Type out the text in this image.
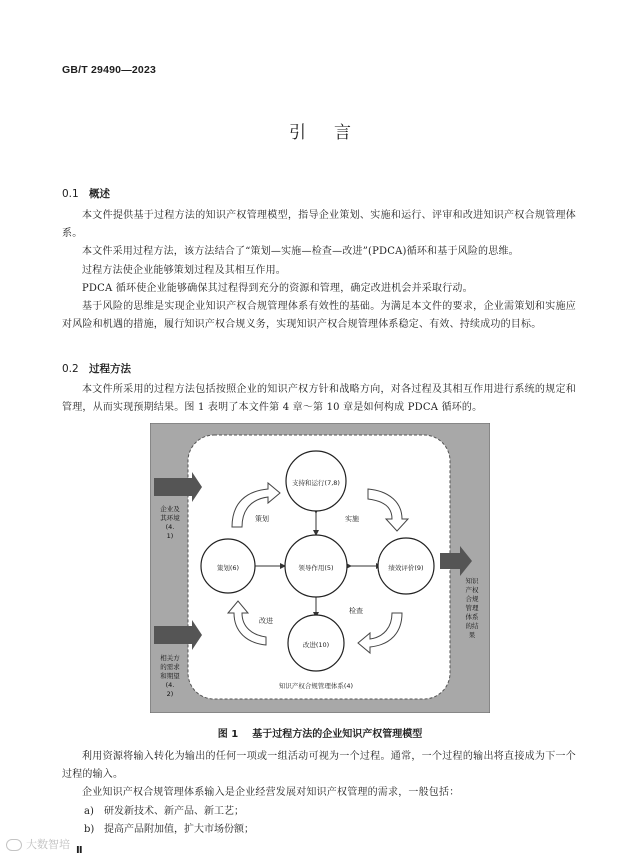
GB/T 29490—2023
引言
0.1 概述
本文件提供基于过程方法的知识产权管理模型，指导企业策划、实施和运行、评审和改进知识产权合规管理体系。
本文件采用过程方法，该方法结合了“策划—实施—检查—改进”(PDCA)循环和基于风险的思维。
过程方法使企业能够策划过程及其相互作用。
PDCA 循环使企业能够确保其过程得到充分的资源和管理，确定改进机会并采取行动。
基于风险的思维是实现企业知识产权合规管理体系有效性的基础。为满足本文件的要求，企业需策划和实施应对风险和机遇的措施，履行知识产权合规义务，实现知识产权合规管理体系稳定、有效、持续成功的目标。
0.2 过程方法
本文件所采用的过程方法包括按照企业的知识产权方针和战略方向，对各过程及其相互作用进行系统的规定和管理，从而实现预期结果。图 1 表明了本文件第 4 章～第 10 章是如何构成 PDCA 循环的。
支持和运行(7,8)
策划(6)	领导作用(5)	绩效评价(9)
改进(10)
策划	实施
检查
改进
知识产权合规管理体系(4)
企业及其环境(4. 1)
相关方的需求和期望(4. 2)
知识产权合规管理体系的结果
图 1 基于过程方法的企业知识产权管理模型
利用资源将输入转化为输出的任何一项或一组活动可视为一个过程。通常，一个过程的输出将直接成为下一个过程的输入。
企业知识产权合规管理体系输入是企业经营发展对知识产权管理的需求，一般包括：
a) 研发新技术、新产品、新工艺；
b) 提高产品附加值，扩大市场份额；
大数智培 Ⅱ
